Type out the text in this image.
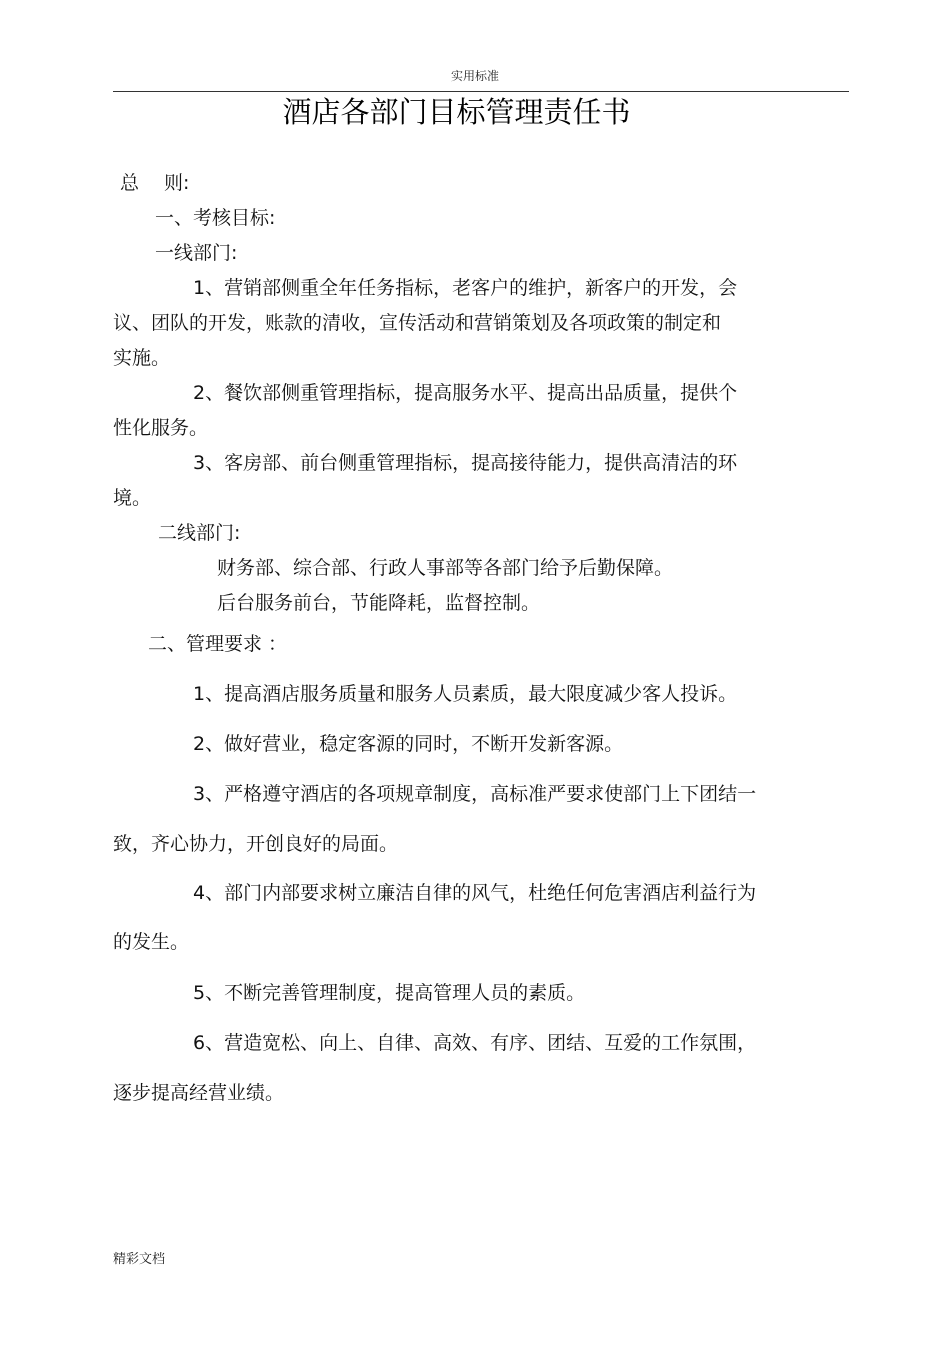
实用标准
酒店各部门目标管理责任书
总　 则:
一、考核目标:
一线部门:
1、营销部侧重全年任务指标，老客户的维护，新客户的开发，会
议、团队的开发，账款的清收，宣传活动和营销策划及各项政策的制定和
实施。
2、餐饮部侧重管理指标，提高服务水平、提高出品质量，提供个
性化服务。
3、客房部、前台侧重管理指标，提高接待能力，提供高清洁的环
境。
二线部门:
财务部、综合部、行政人事部等各部门给予后勤保障。
后台服务前台，节能降耗，监督控制。
二、管理要求 ：
1、提高酒店服务质量和服务人员素质，最大限度减少客人投诉。
2、做好营业，稳定客源的同时，不断开发新客源。
3、严格遵守酒店的各项规章制度，高标准严要求使部门上下团结一
致，齐心协力，开创良好的局面。
4、部门内部要求树立廉洁自律的风气，杜绝任何危害酒店利益行为
的发生。
5、不断完善管理制度，提高管理人员的素质。
6、营造宽松、向上、自律、高效、有序、团结、互爱的工作氛围，
逐步提高经营业绩。
精彩文档
